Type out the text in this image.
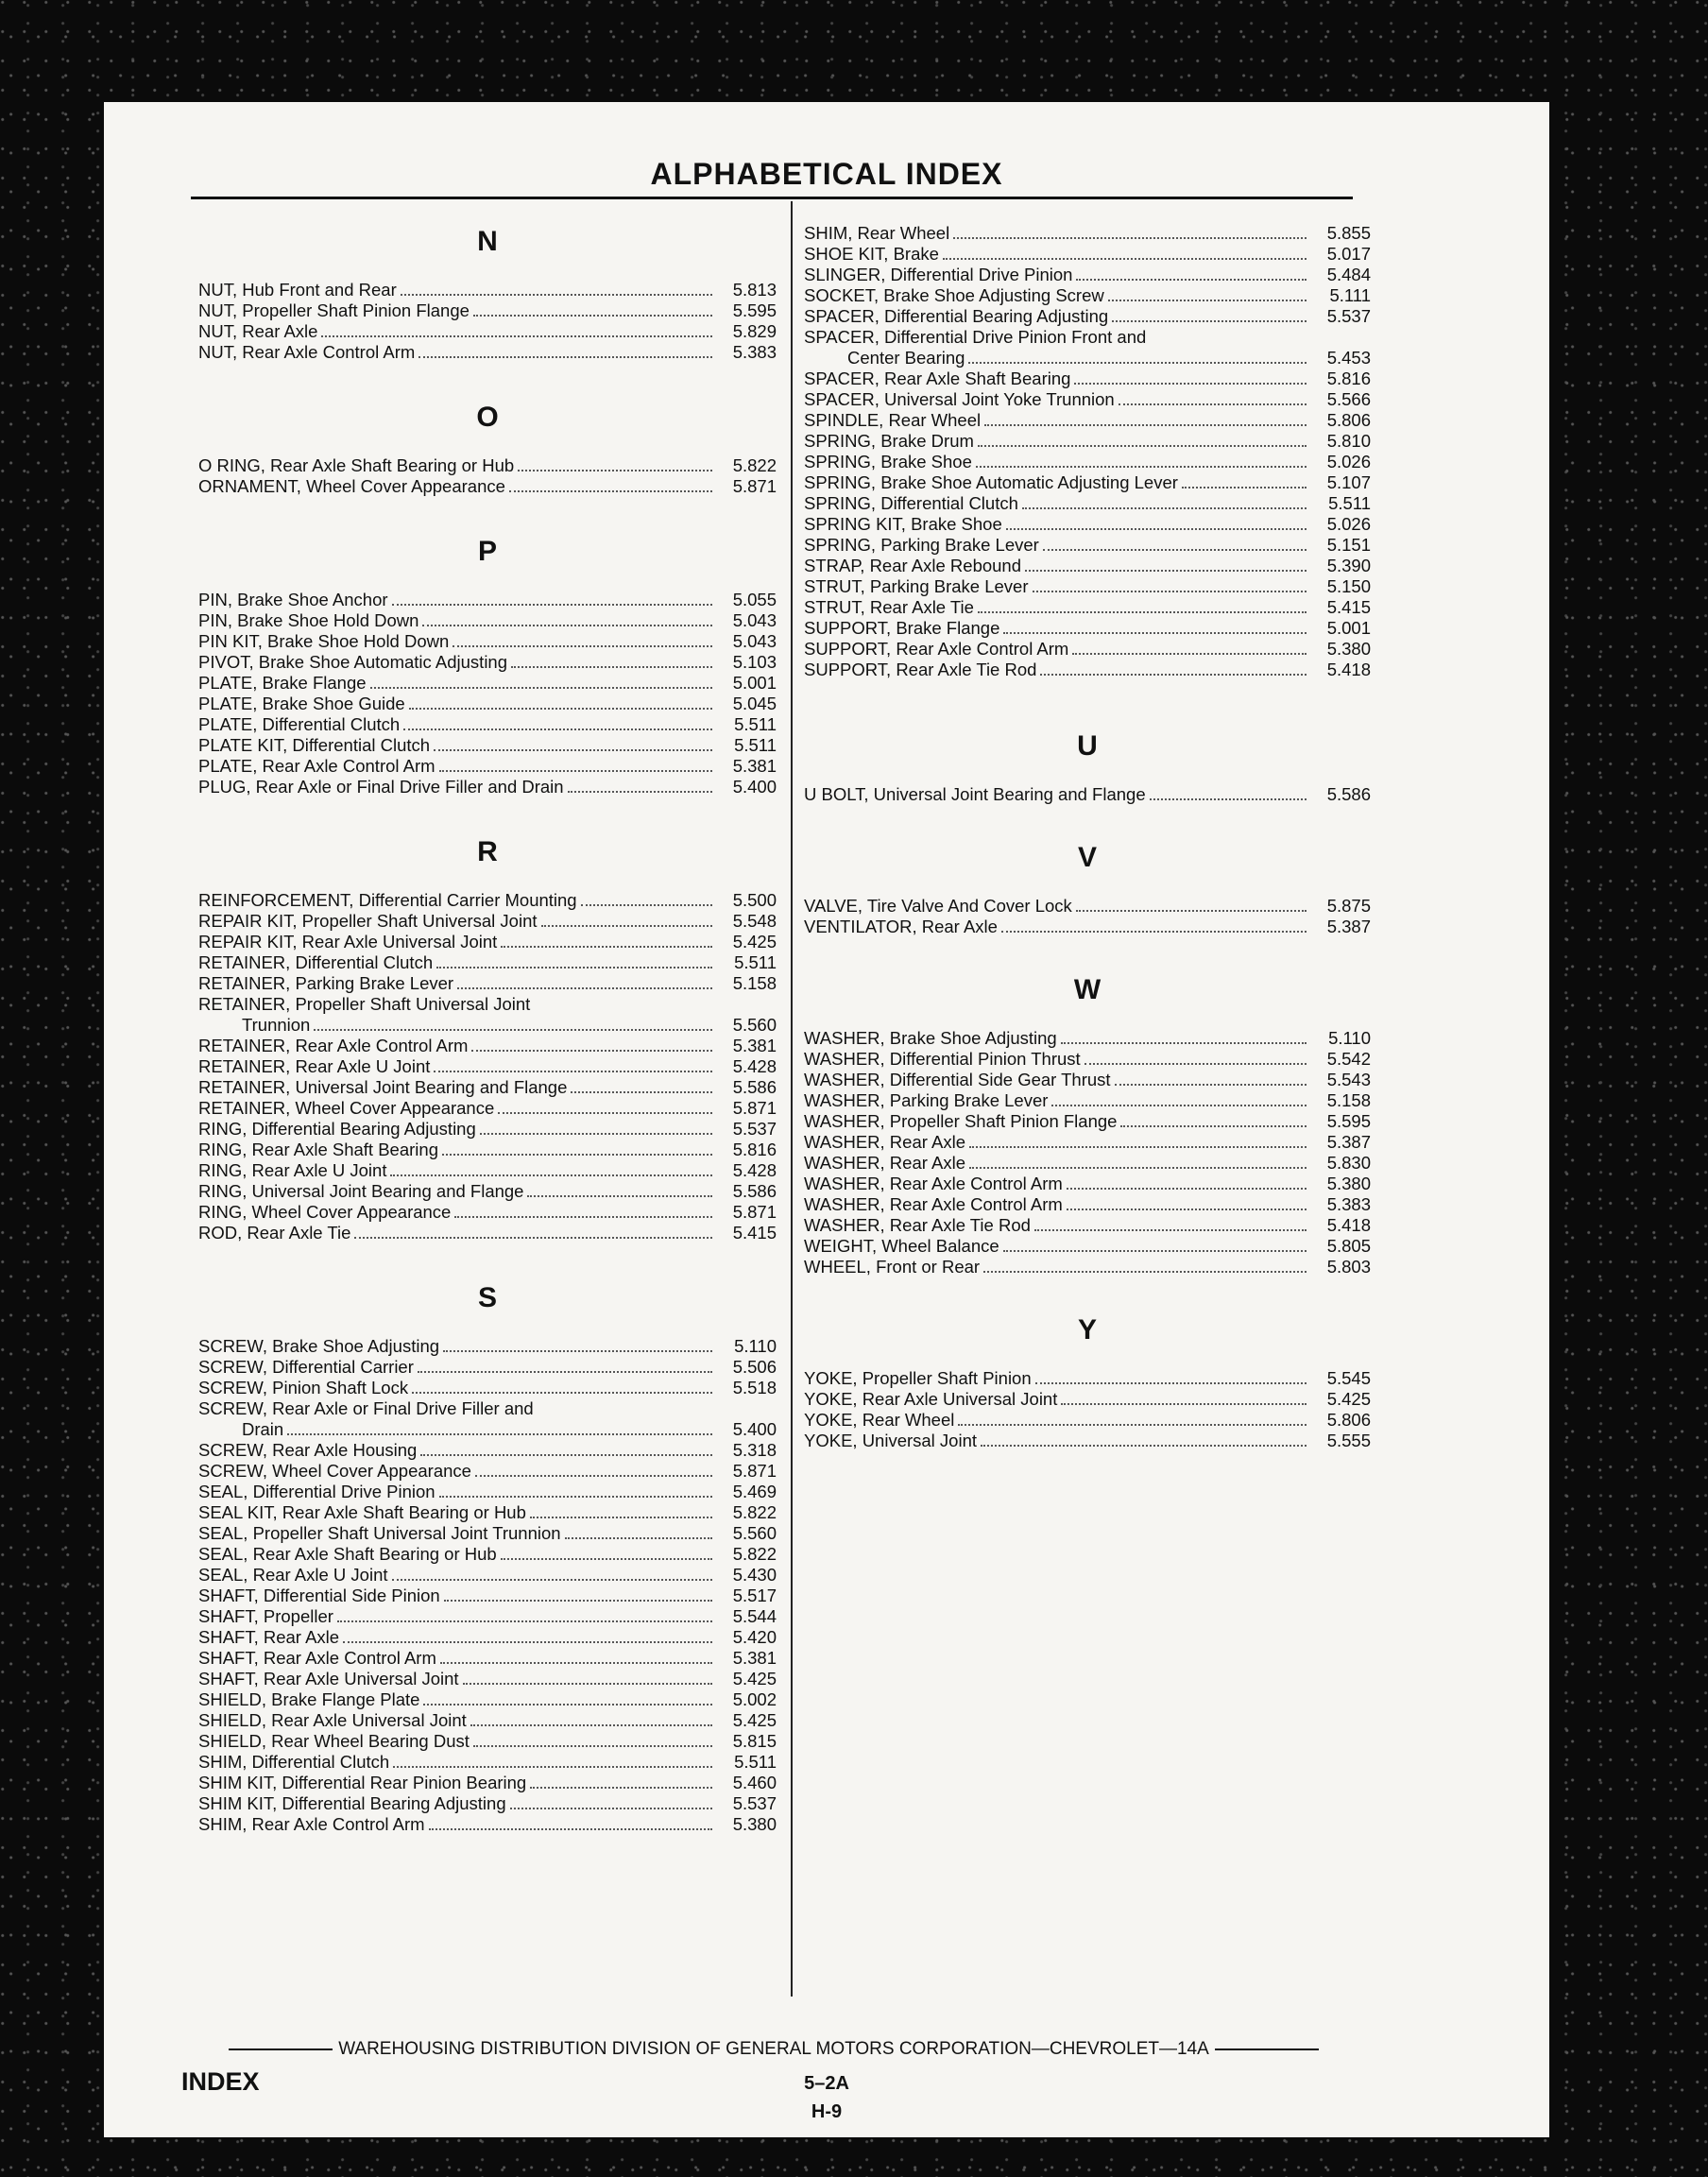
ALPHABETICAL INDEX
N
NUT, Hub Front and Rear	5.813
NUT, Propeller Shaft Pinion Flange	5.595
NUT, Rear Axle	5.829
NUT, Rear Axle Control Arm	5.383
O
O RING, Rear Axle Shaft Bearing or Hub	5.822
ORNAMENT, Wheel Cover Appearance	5.871
P
PIN, Brake Shoe Anchor	5.055
PIN, Brake Shoe Hold Down	5.043
PIN KIT, Brake Shoe Hold Down	5.043
PIVOT, Brake Shoe Automatic Adjusting	5.103
PLATE, Brake Flange	5.001
PLATE, Brake Shoe Guide	5.045
PLATE, Differential Clutch	5.511
PLATE KIT, Differential Clutch	5.511
PLATE, Rear Axle Control Arm	5.381
PLUG, Rear Axle or Final Drive Filler and Drain	5.400
R
REINFORCEMENT, Differential Carrier Mounting	5.500
REPAIR KIT, Propeller Shaft Universal Joint	5.548
REPAIR KIT, Rear Axle Universal Joint	5.425
RETAINER, Differential Clutch	5.511
RETAINER, Parking Brake Lever	5.158
RETAINER, Propeller Shaft Universal Joint
Trunnion	5.560
RETAINER, Rear Axle Control Arm	5.381
RETAINER, Rear Axle U Joint	5.428
RETAINER, Universal Joint Bearing and Flange	5.586
RETAINER, Wheel Cover Appearance	5.871
RING, Differential Bearing Adjusting	5.537
RING, Rear Axle Shaft Bearing	5.816
RING, Rear Axle U Joint	5.428
RING, Universal Joint Bearing and Flange	5.586
RING, Wheel Cover Appearance	5.871
ROD, Rear Axle Tie	5.415
S
SCREW, Brake Shoe Adjusting	5.110
SCREW, Differential Carrier	5.506
SCREW, Pinion Shaft Lock	5.518
SCREW, Rear Axle or Final Drive Filler and
Drain	5.400
SCREW, Rear Axle Housing	5.318
SCREW, Wheel Cover Appearance	5.871
SEAL, Differential Drive Pinion	5.469
SEAL KIT, Rear Axle Shaft Bearing or Hub	5.822
SEAL, Propeller Shaft Universal Joint Trunnion	5.560
SEAL, Rear Axle Shaft Bearing or Hub	5.822
SEAL, Rear Axle U Joint	5.430
SHAFT, Differential Side Pinion	5.517
SHAFT, Propeller	5.544
SHAFT, Rear Axle	5.420
SHAFT, Rear Axle Control Arm	5.381
SHAFT, Rear Axle Universal Joint	5.425
SHIELD, Brake Flange Plate	5.002
SHIELD, Rear Axle Universal Joint	5.425
SHIELD, Rear Wheel Bearing Dust	5.815
SHIM, Differential Clutch	5.511
SHIM KIT, Differential Rear Pinion Bearing	5.460
SHIM KIT, Differential Bearing Adjusting	5.537
SHIM, Rear Axle Control Arm	5.380
SHIM, Rear Wheel	5.855
SHOE KIT, Brake	5.017
SLINGER, Differential Drive Pinion	5.484
SOCKET, Brake Shoe Adjusting Screw	5.111
SPACER, Differential Bearing Adjusting	5.537
SPACER, Differential Drive Pinion Front and
Center Bearing	5.453
SPACER, Rear Axle Shaft Bearing	5.816
SPACER, Universal Joint Yoke Trunnion	5.566
SPINDLE, Rear Wheel	5.806
SPRING, Brake Drum	5.810
SPRING, Brake Shoe	5.026
SPRING, Brake Shoe Automatic Adjusting Lever	5.107
SPRING, Differential Clutch	5.511
SPRING KIT, Brake Shoe	5.026
SPRING, Parking Brake Lever	5.151
STRAP, Rear Axle Rebound	5.390
STRUT, Parking Brake Lever	5.150
STRUT, Rear Axle Tie	5.415
SUPPORT, Brake Flange	5.001
SUPPORT, Rear Axle Control Arm	5.380
SUPPORT, Rear Axle Tie Rod	5.418
U
U BOLT, Universal Joint Bearing and Flange	5.586
V
VALVE, Tire Valve And Cover Lock	5.875
VENTILATOR, Rear Axle	5.387
W
WASHER, Brake Shoe Adjusting	5.110
WASHER, Differential Pinion Thrust	5.542
WASHER, Differential Side Gear Thrust	5.543
WASHER, Parking Brake Lever	5.158
WASHER, Propeller Shaft Pinion Flange	5.595
WASHER, Rear Axle	5.387
WASHER, Rear Axle	5.830
WASHER, Rear Axle Control Arm	5.380
WASHER, Rear Axle Control Arm	5.383
WASHER, Rear Axle Tie Rod	5.418
WEIGHT, Wheel Balance	5.805
WHEEL, Front or Rear	5.803
Y
YOKE, Propeller Shaft Pinion	5.545
YOKE, Rear Axle Universal Joint	5.425
YOKE, Rear Wheel	5.806
YOKE, Universal Joint	5.555
WAREHOUSING DISTRIBUTION DIVISION OF GENERAL MOTORS CORPORATION—CHEVROLET—14A
INDEX	5–2A
H-9
